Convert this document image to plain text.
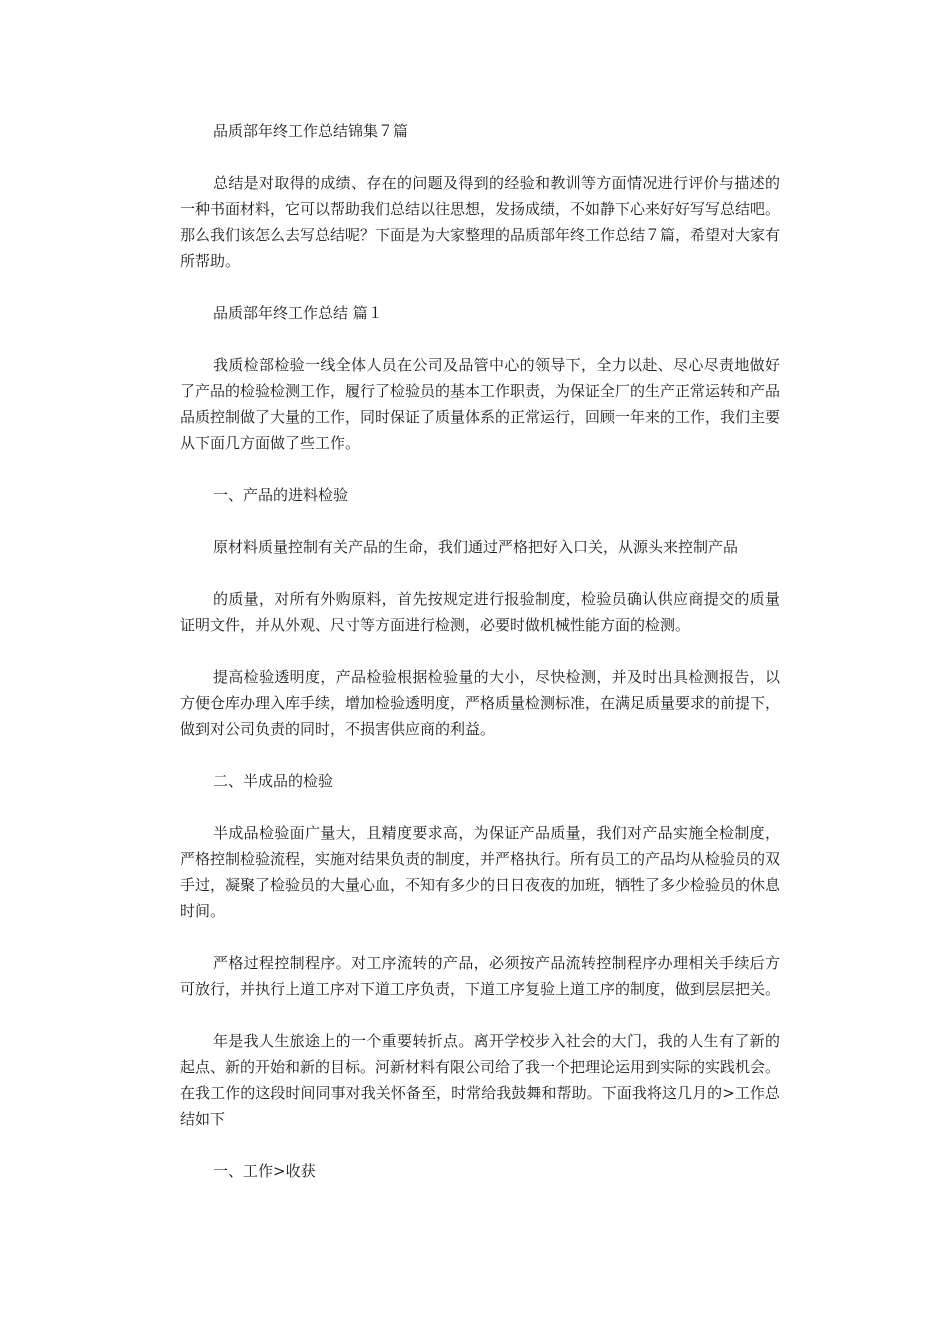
品质部年终工作总结锦集７篇

总结是对取得的成绩、存在的问题及得到的经验和教训等方面情况进行评价与描述的一种书面材料，它可以帮助我们总结以往思想，发扬成绩，不如静下心来好好写写总结吧。那么我们该怎么去写总结呢？下面是为大家整理的品质部年终工作总结７篇，希望对大家有所帮助。

品质部年终工作总结 篇１

我质检部检验一线全体人员在公司及品管中心的领导下，全力以赴、尽心尽责地做好了产品的检验检测工作，履行了检验员的基本工作职责，为保证全厂的生产正常运转和产品品质控制做了大量的工作，同时保证了质量体系的正常运行，回顾一年来的工作，我们主要从下面几方面做了些工作。

一、产品的进料检验

原材料质量控制有关产品的生命，我们通过严格把好入口关，从源头来控制产品

的质量，对所有外购原料，首先按规定进行报验制度，检验员确认供应商提交的质量证明文件，并从外观、尺寸等方面进行检测，必要时做机械性能方面的检测。

提高检验透明度，产品检验根据检验量的大小，尽快检测，并及时出具检测报告，以方便仓库办理入库手续，增加检验透明度，严格质量检测标准，在满足质量要求的前提下，做到对公司负责的同时，不损害供应商的利益。

二、半成品的检验

半成品检验面广量大，且精度要求高，为保证产品质量，我们对产品实施全检制度，严格控制检验流程，实施对结果负责的制度，并严格执行。所有员工的产品均从检验员的双手过，凝聚了检验员的大量心血，不知有多少的日日夜夜的加班，牺牲了多少检验员的休息时间。

严格过程控制程序。对工序流转的产品，必须按产品流转控制程序办理相关手续后方可放行，并执行上道工序对下道工序负责，下道工序复验上道工序的制度，做到层层把关。

年是我人生旅途上的一个重要转折点。离开学校步入社会的大门，我的人生有了新的起点、新的开始和新的目标。河新材料有限公司给了我一个把理论运用到实际的实践机会。在我工作的这段时间同事对我关怀备至，时常给我鼓舞和帮助。下面我将这几月的>工作总结如下

一、工作>收获
